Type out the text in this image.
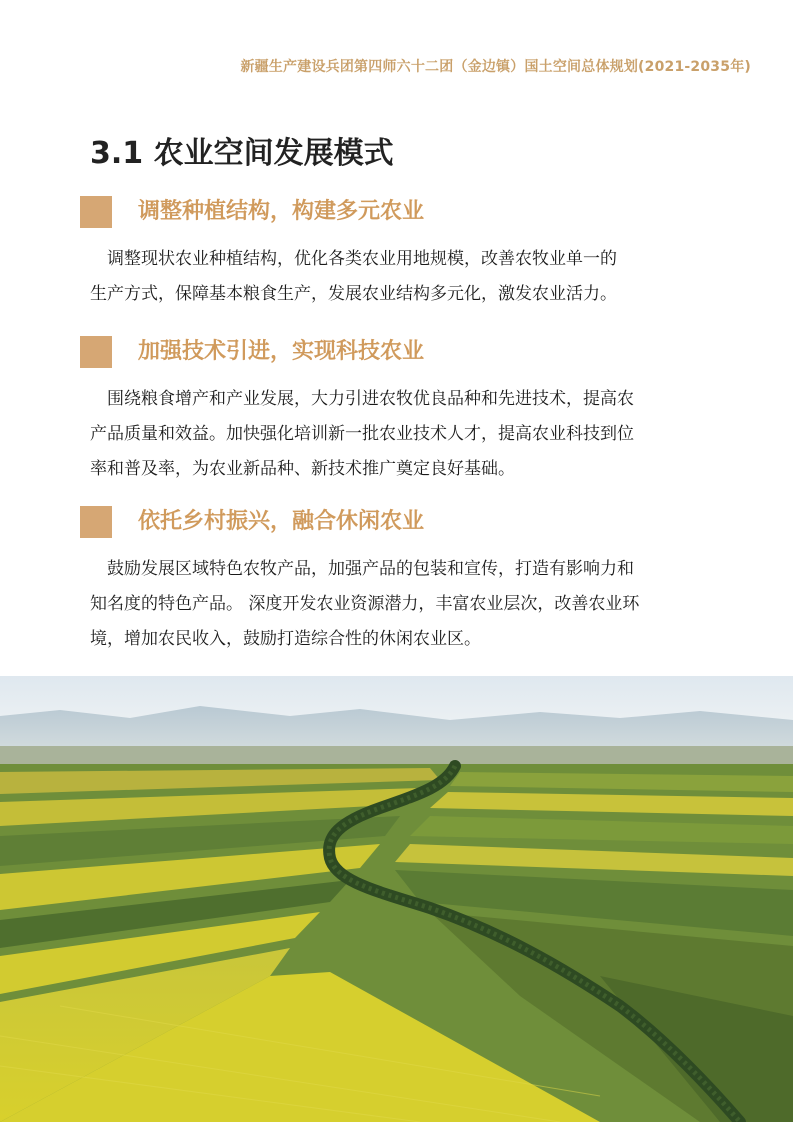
新疆生产建设兵团第四师六十二团（金边镇）国土空间总体规划(2021-2035年)
3.1 农业空间发展模式
调整种植结构，构建多元农业

　调整现状农业种植结构，优化各类农业用地规模，改善农牧业单一的
生产方式，保障基本粮食生产，发展农业结构多元化，激发农业活力。

加强技术引进，实现科技农业

　围绕粮食增产和产业发展，大力引进农牧优良品种和先进技术，提高农
产品质量和效益。加快强化培训新一批农业技术人才，提高农业科技到位
率和普及率，为农业新品种、新技术推广奠定良好基础。

依托乡村振兴，融合休闲农业

　鼓励发展区域特色农牧产品，加强产品的包装和宣传，打造有影响力和
知名度的特色产品。 深度开发农业资源潜力，丰富农业层次，改善农业环
境，增加农民收入，鼓励打造综合性的休闲农业区。
